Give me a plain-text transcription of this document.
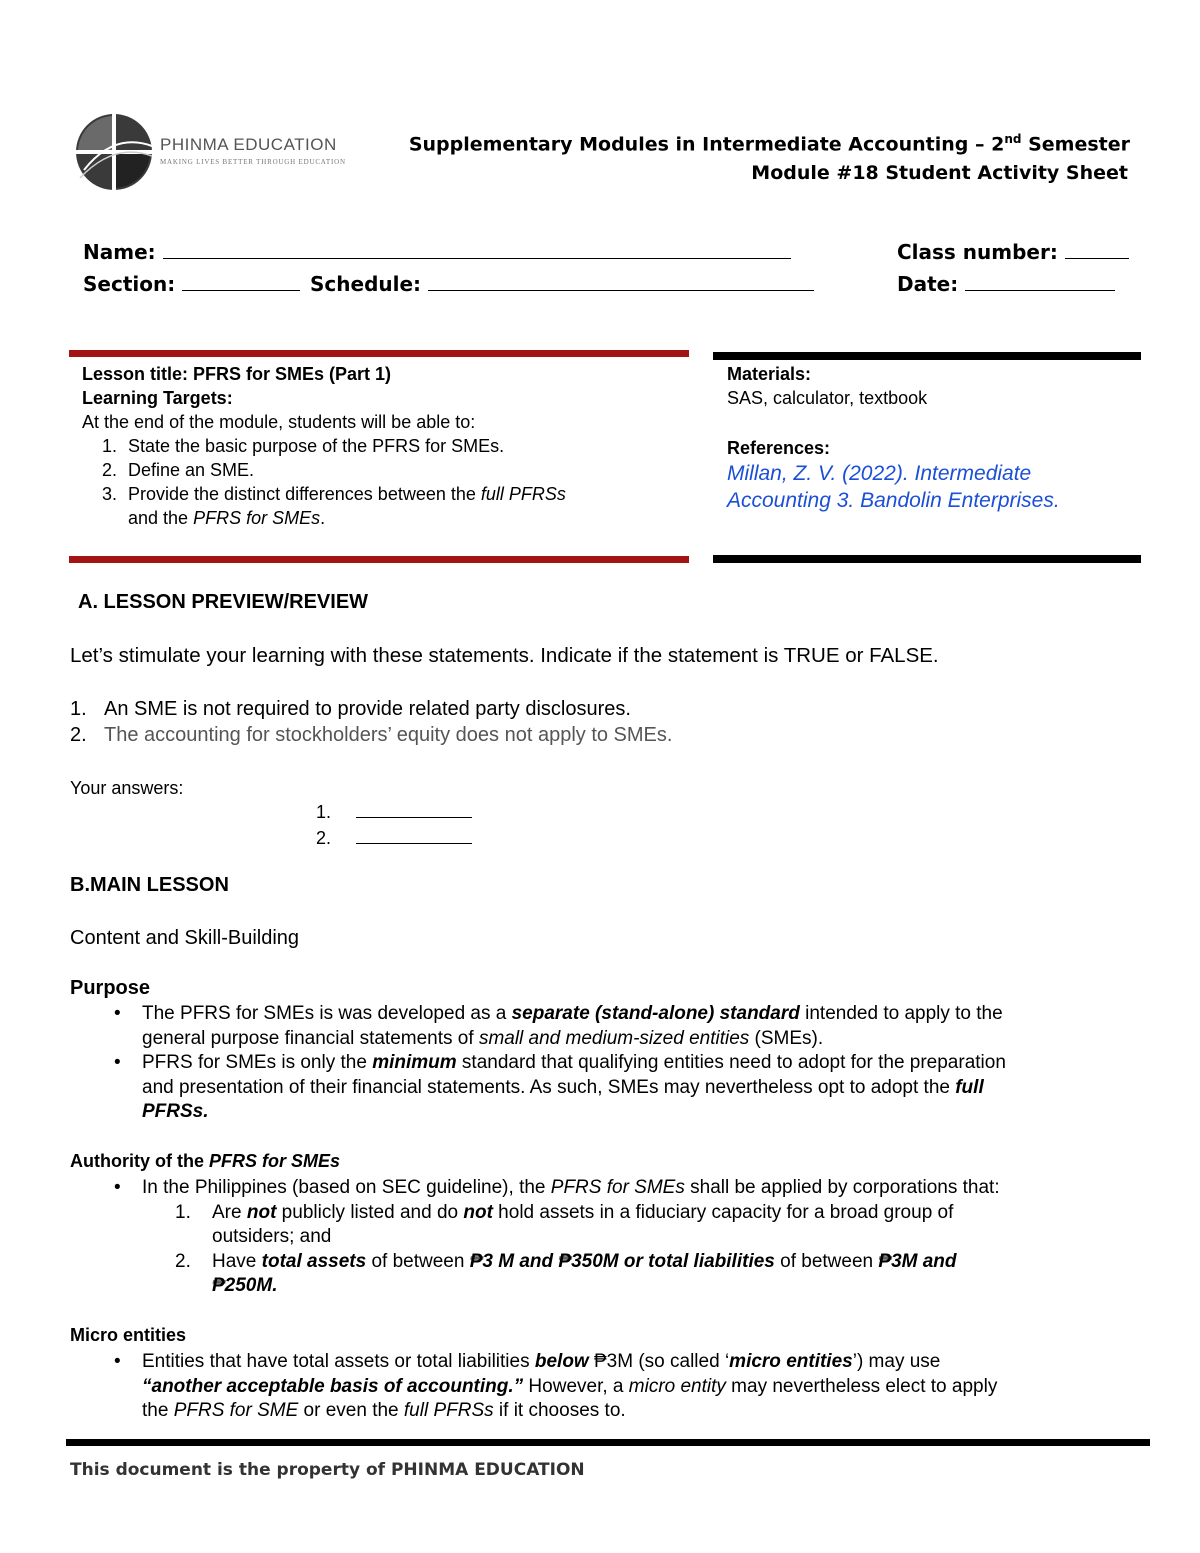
PHINMA EDUCATION
MAKING LIVES BETTER THROUGH EDUCATION
Supplementary Modules in Intermediate Accounting – 2nd Semester
Module #18 Student Activity Sheet
Name:	Class number:
Section:	Schedule:	Date:
Lesson title: PFRS for SMEs (Part 1)
Learning Targets:
At the end of the module, students will be able to:
1. State the basic purpose of the PFRS for SMEs.
2. Define an SME.
3. Provide the distinct differences between the full PFRSs
and the PFRS for SMEs.
Materials:
SAS, calculator, textbook
References:
Millan, Z. V. (2022). Intermediate
Accounting 3. Bandolin Enterprises.
A. LESSON PREVIEW/REVIEW
Let’s stimulate your learning with these statements. Indicate if the statement is TRUE or FALSE.
1. An SME is not required to provide related party disclosures.
2. The accounting for stockholders’ equity does not apply to SMEs.
Your answers:
1.
2.
B.MAIN LESSON
Content and Skill-Building
Purpose
• The PFRS for SMEs is was developed as a separate (stand-alone) standard intended to apply to the
general purpose financial statements of small and medium-sized entities (SMEs).
• PFRS for SMEs is only the minimum standard that qualifying entities need to adopt for the preparation
and presentation of their financial statements. As such, SMEs may nevertheless opt to adopt the full
PFRSs.
Authority of the PFRS for SMEs
• In the Philippines (based on SEC guideline), the PFRS for SMEs shall be applied by corporations that:
1. Are not publicly listed and do not hold assets in a fiduciary capacity for a broad group of
outsiders; and
2. Have total assets of between ₱3 M and ₱350M or total liabilities of between ₱3M and
₱250M.
Micro entities
• Entities that have total assets or total liabilities below ₱3M (so called ‘micro entities’) may use
“another acceptable basis of accounting.” However, a micro entity may nevertheless elect to apply
the PFRS for SME or even the full PFRSs if it chooses to.
This document is the property of PHINMA EDUCATION
